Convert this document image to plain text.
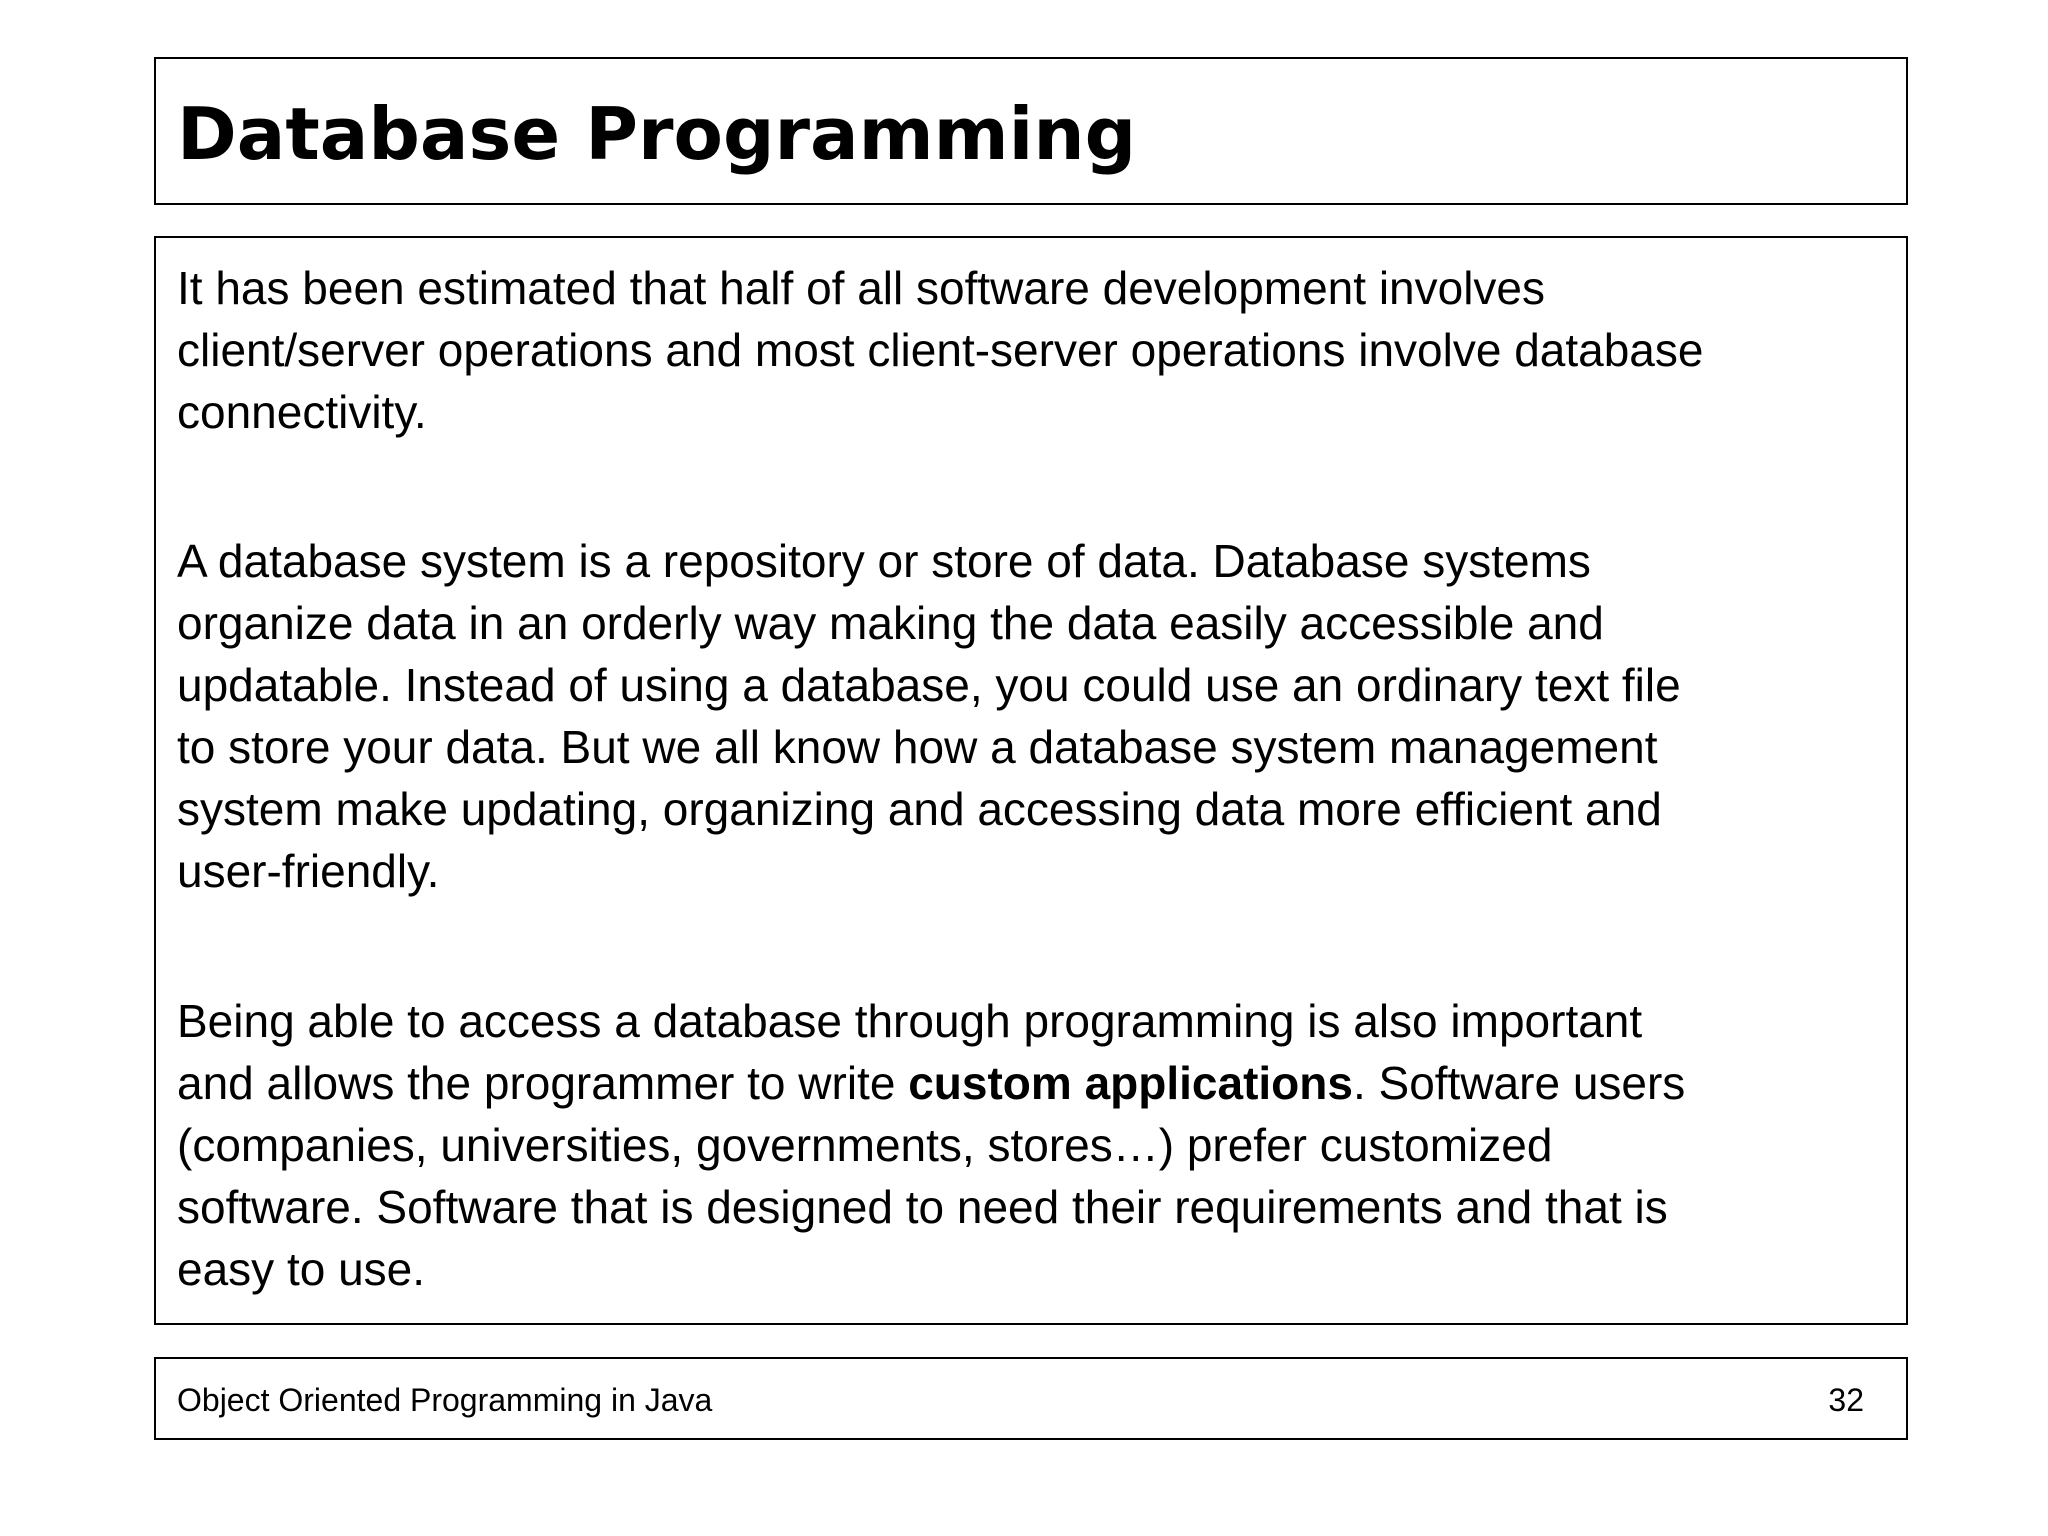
Database Programming

It has been estimated that half of all software development involves
client/server operations and most client-server operations involve database
connectivity.

A database system is a repository or store of data. Database systems
organize data in an orderly way making the data easily accessible and
updatable. Instead of using a database, you could use an ordinary text file
to store your data. But we all know how a database system management
system make updating, organizing and accessing data more efficient and
user-friendly.

Being able to access a database through programming is also important
and allows the programmer to write custom applications. Software users
(companies, universities, governments, stores…) prefer customized
software. Software that is designed to need their requirements and that is
easy to use.

Object Oriented Programming in Java	32
